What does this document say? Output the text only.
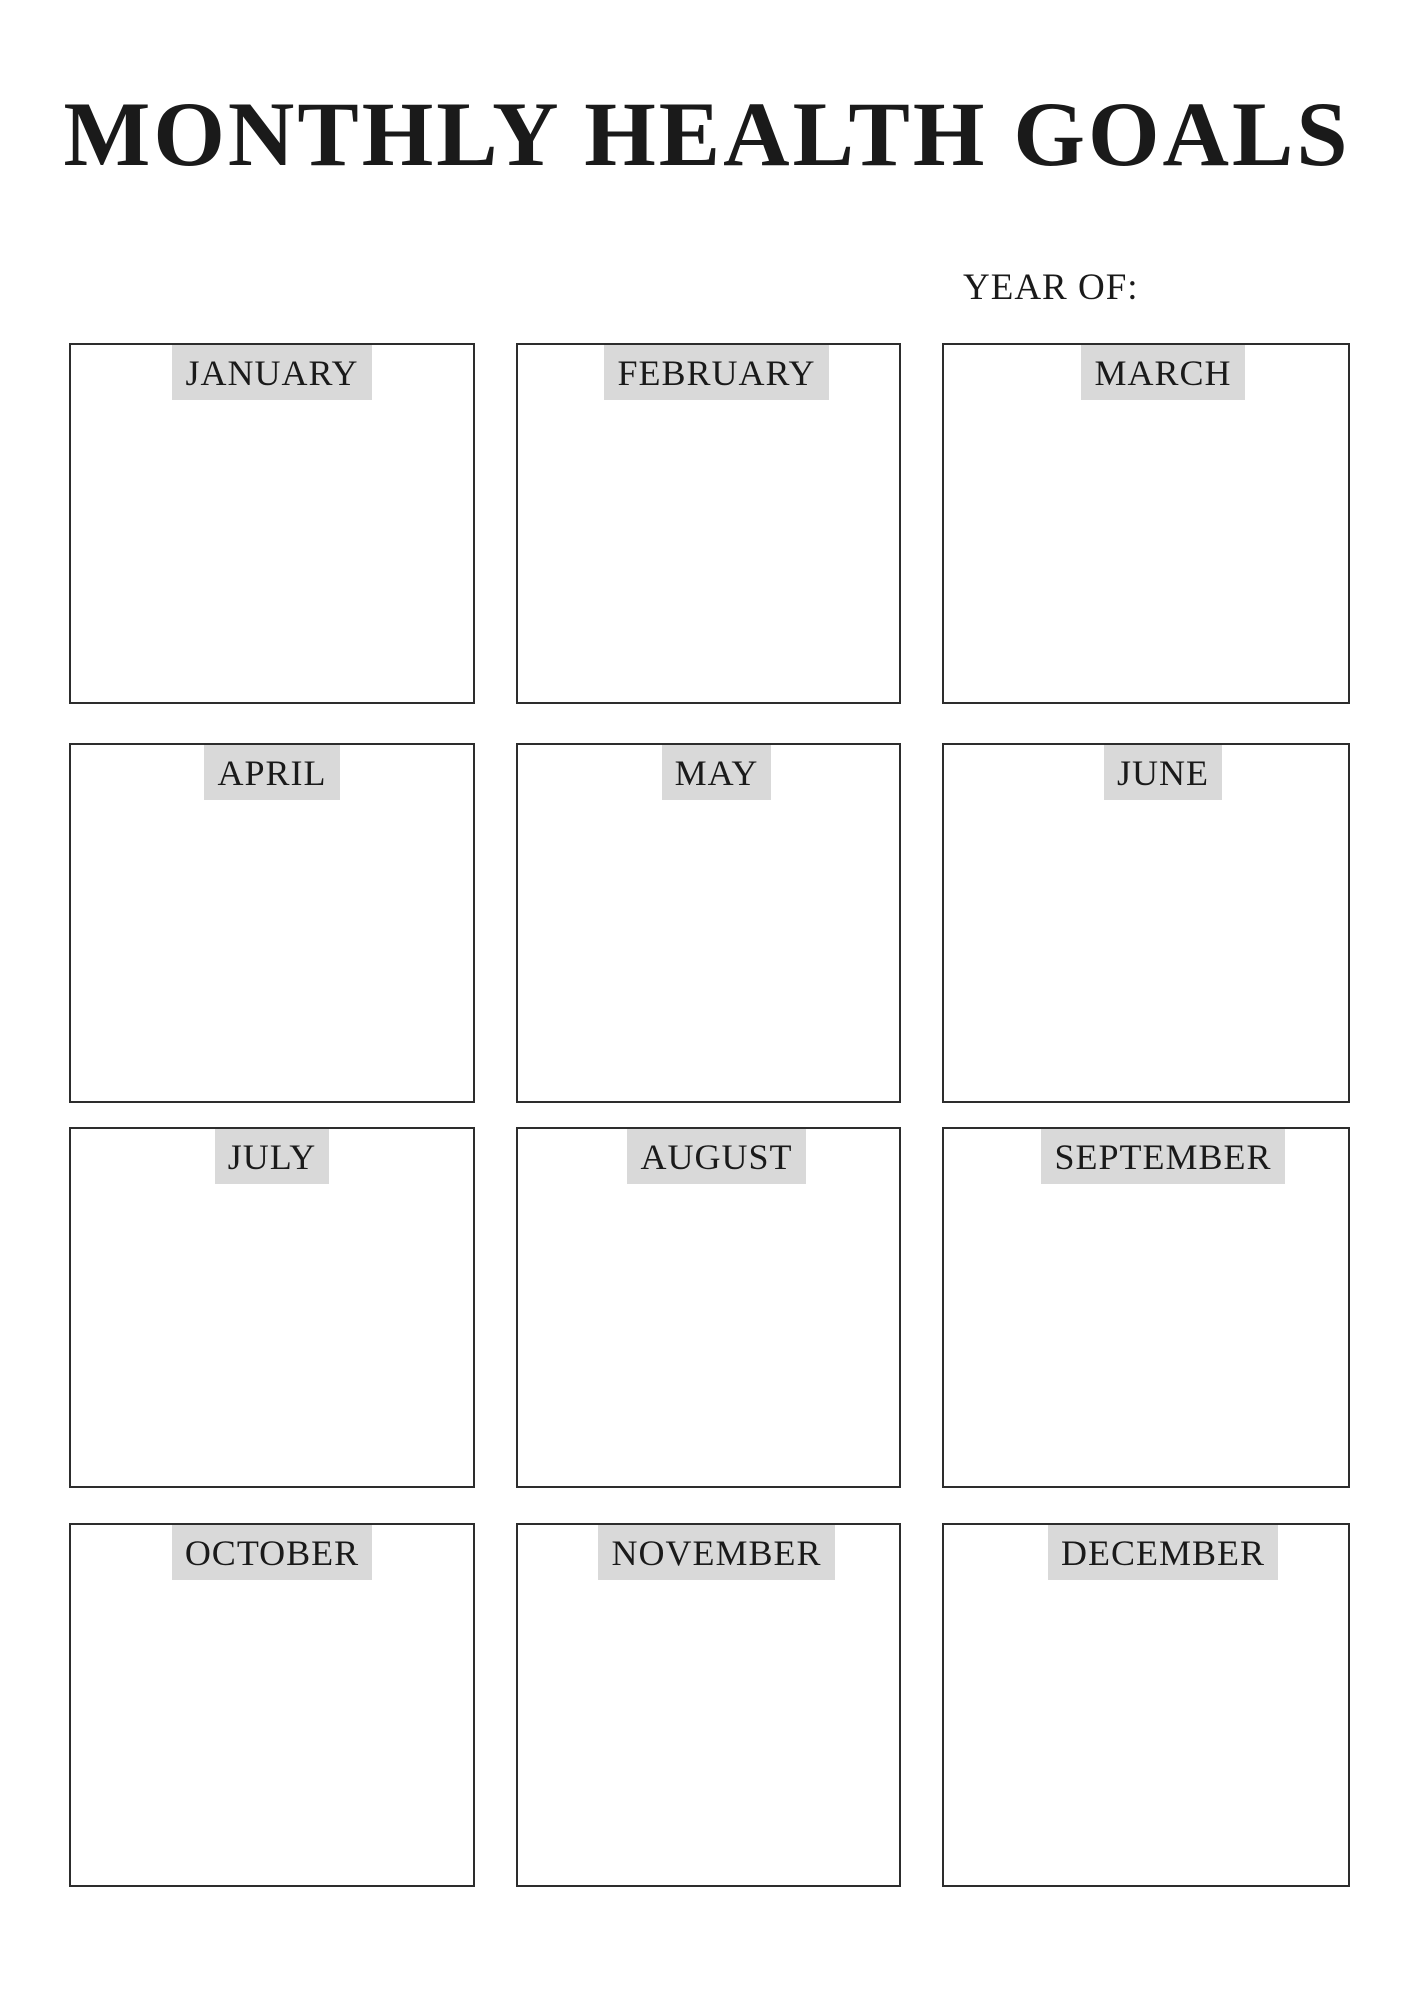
MONTHLY HEALTH GOALS
YEAR OF:
JANUARY	FEBRUARY	MARCH
APRIL	MAY	JUNE
JULY	AUGUST	SEPTEMBER
OCTOBER	NOVEMBER	DECEMBER
